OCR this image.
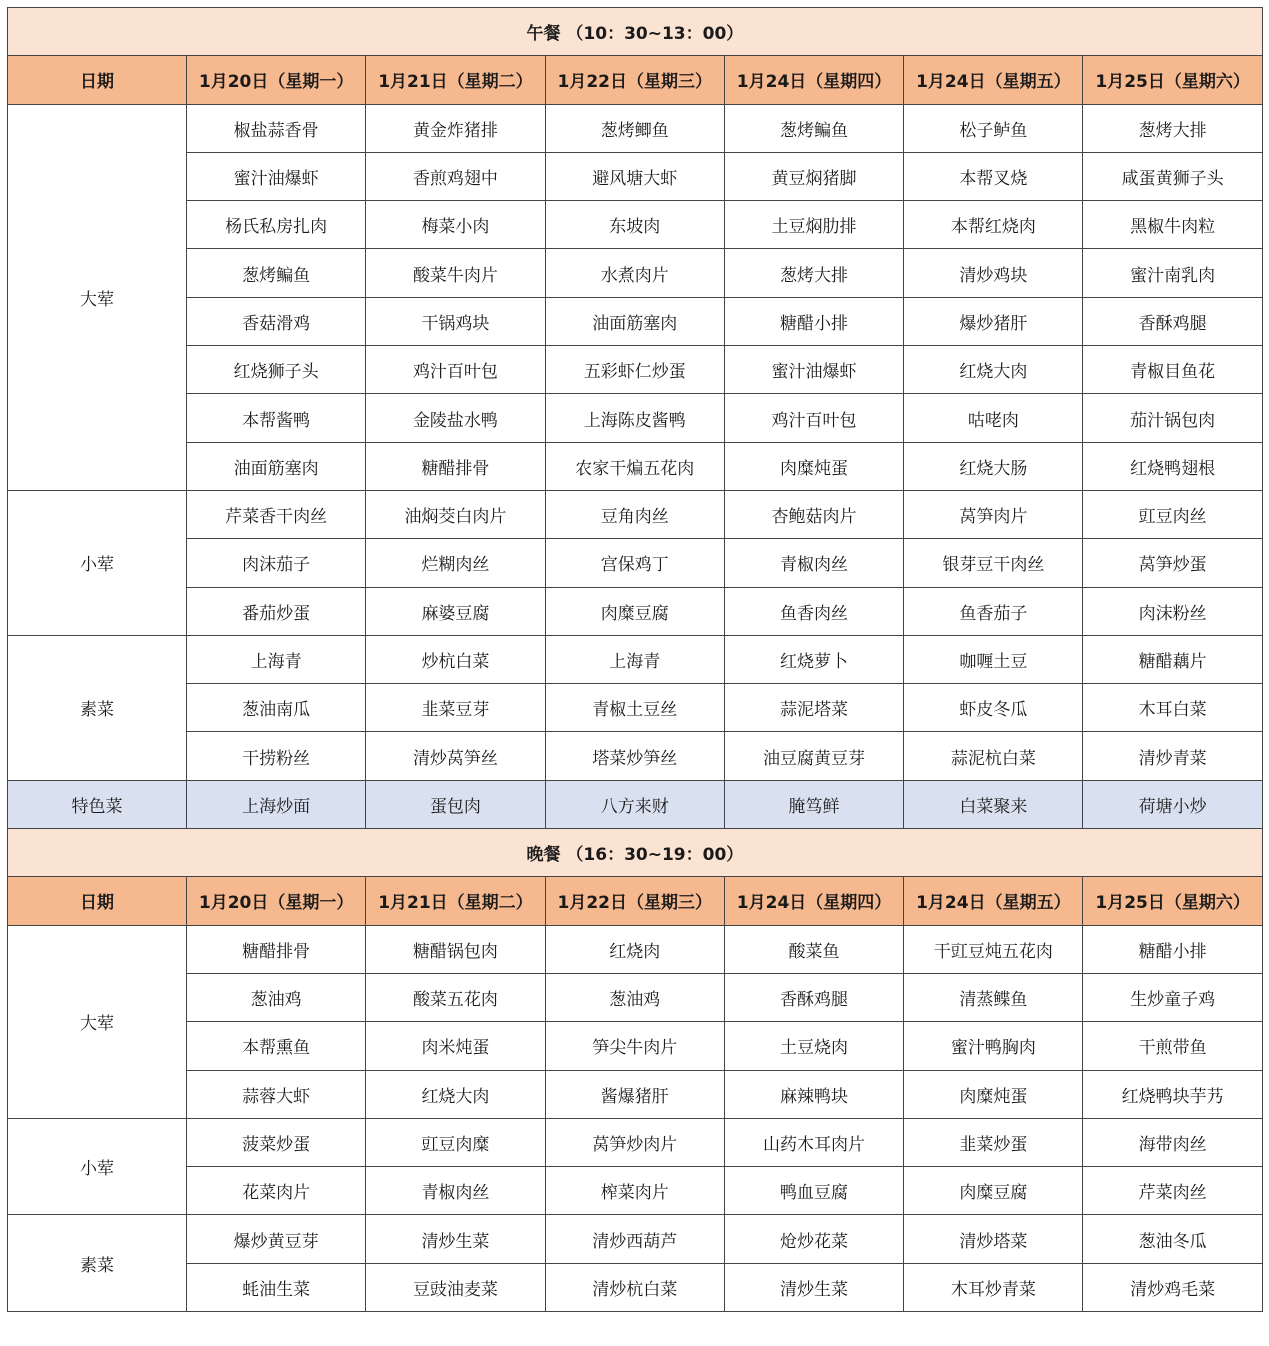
午餐 （10：30~13：00）						
日期	1月20日（星期一）	1月21日（星期二）	1月22日（星期三）	1月24日（星期四）	1月24日（星期五）	1月25日（星期六）
大荤	椒盐蒜香骨	黄金炸猪排	葱烤鲫鱼	葱烤鳊鱼	松子鲈鱼	葱烤大排
	蜜汁油爆虾	香煎鸡翅中	避风塘大虾	黄豆焖猪脚	本帮叉烧	咸蛋黄狮子头
	杨氏私房扎肉	梅菜小肉	东坡肉	土豆焖肋排	本帮红烧肉	黑椒牛肉粒
	葱烤鳊鱼	酸菜牛肉片	水煮肉片	葱烤大排	清炒鸡块	蜜汁南乳肉
	香菇滑鸡	干锅鸡块	油面筋塞肉	糖醋小排	爆炒猪肝	香酥鸡腿
	红烧狮子头	鸡汁百叶包	五彩虾仁炒蛋	蜜汁油爆虾	红烧大肉	青椒目鱼花
	本帮酱鸭	金陵盐水鸭	上海陈皮酱鸭	鸡汁百叶包	咕咾肉	茄汁锅包肉
	油面筋塞肉	糖醋排骨	农家干煸五花肉	肉糜炖蛋	红烧大肠	红烧鸭翅根
小荤	芹菜香干肉丝	油焖茭白肉片	豆角肉丝	杏鲍菇肉片	莴笋肉片	豇豆肉丝
	肉沫茄子	烂糊肉丝	宫保鸡丁	青椒肉丝	银芽豆干肉丝	莴笋炒蛋
	番茄炒蛋	麻婆豆腐	肉糜豆腐	鱼香肉丝	鱼香茄子	肉沫粉丝
素菜	上海青	炒杭白菜	上海青	红烧萝卜	咖喱土豆	糖醋藕片
	葱油南瓜	韭菜豆芽	青椒土豆丝	蒜泥塔菜	虾皮冬瓜	木耳白菜
	干捞粉丝	清炒莴笋丝	塔菜炒笋丝	油豆腐黄豆芽	蒜泥杭白菜	清炒青菜
特色菜	上海炒面	蛋包肉	八方来财	腌笃鲜	白菜聚来	荷塘小炒
晚餐 （16：30~19：00）						
日期	1月20日（星期一）	1月21日（星期二）	1月22日（星期三）	1月24日（星期四）	1月24日（星期五）	1月25日（星期六）
大荤	糖醋排骨	糖醋锅包肉	红烧肉	酸菜鱼	干豇豆炖五花肉	糖醋小排
	葱油鸡	酸菜五花肉	葱油鸡	香酥鸡腿	清蒸鲽鱼	生炒童子鸡
	本帮熏鱼	肉米炖蛋	笋尖牛肉片	土豆烧肉	蜜汁鸭胸肉	干煎带鱼
	蒜蓉大虾	红烧大肉	酱爆猪肝	麻辣鸭块	肉糜炖蛋	红烧鸭块芋艿
小荤	菠菜炒蛋	豇豆肉糜	莴笋炒肉片	山药木耳肉片	韭菜炒蛋	海带肉丝
	花菜肉片	青椒肉丝	榨菜肉片	鸭血豆腐	肉糜豆腐	芹菜肉丝
素菜	爆炒黄豆芽	清炒生菜	清炒西葫芦	炝炒花菜	清炒塔菜	葱油冬瓜
	蚝油生菜	豆豉油麦菜	清炒杭白菜	清炒生菜	木耳炒青菜	清炒鸡毛菜
